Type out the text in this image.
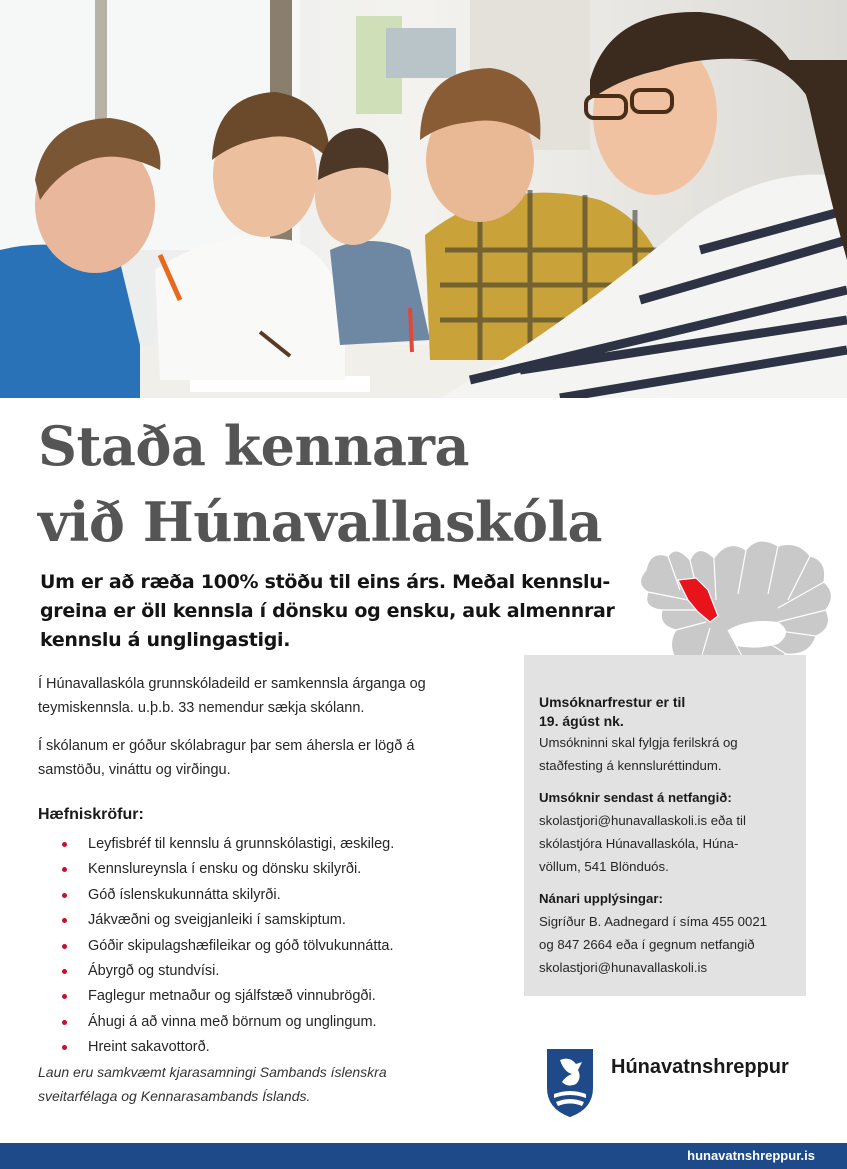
Staða kennara
við Húnavallaskóla
Um er að ræða 100% stöðu til eins árs. Meðal kennslu-
greina er öll kennsla í dönsku og ensku, auk almennrar
kennslu á unglingastigi.
Í Húnavallaskóla grunnskóladeild er samkennsla árganga og
teymiskennsla. u.þ.b. 33 nemendur sækja skólann.
Í skólanum er góður skólabragur þar sem áhersla er lögð á
samstöðu, vináttu og virðingu.
Hæfniskröfur:
Leyfisbréf til kennslu á grunnskólastigi, æskileg.
Kennslureynsla í ensku og dönsku skilyrði.
Góð íslenskukunnátta skilyrði.
Jákvæðni og sveigjanleiki í samskiptum.
Góðir skipulagshæfileikar og góð tölvukunnátta.
Ábyrgð og stundvísi.
Faglegur metnaður og sjálfstæð vinnubrögði.
Áhugi á að vinna með börnum og unglingum.
Hreint sakavottorð.
Laun eru samkvæmt kjarasamningi Sambands íslenskra
sveitarfélaga og Kennarasambands Íslands.
Umsóknarfrestur er til
19. ágúst nk.
Umsókninni skal fylgja ferilskrá og
staðfesting á kennsluréttindum.
Umsóknir sendast á netfangið:
skolastjori@hunavallaskoli.is eða til
skólastjóra Húnavallaskóla, Húna-
völlum, 541 Blönduós.
Nánari upplýsingar:
Sigríður B. Aadnegard í síma 455 0021
og 847 2664 eða í gegnum netfangið
skolastjori@hunavallaskoli.is
Húnavatnshreppur
hunavatnshreppur.is
